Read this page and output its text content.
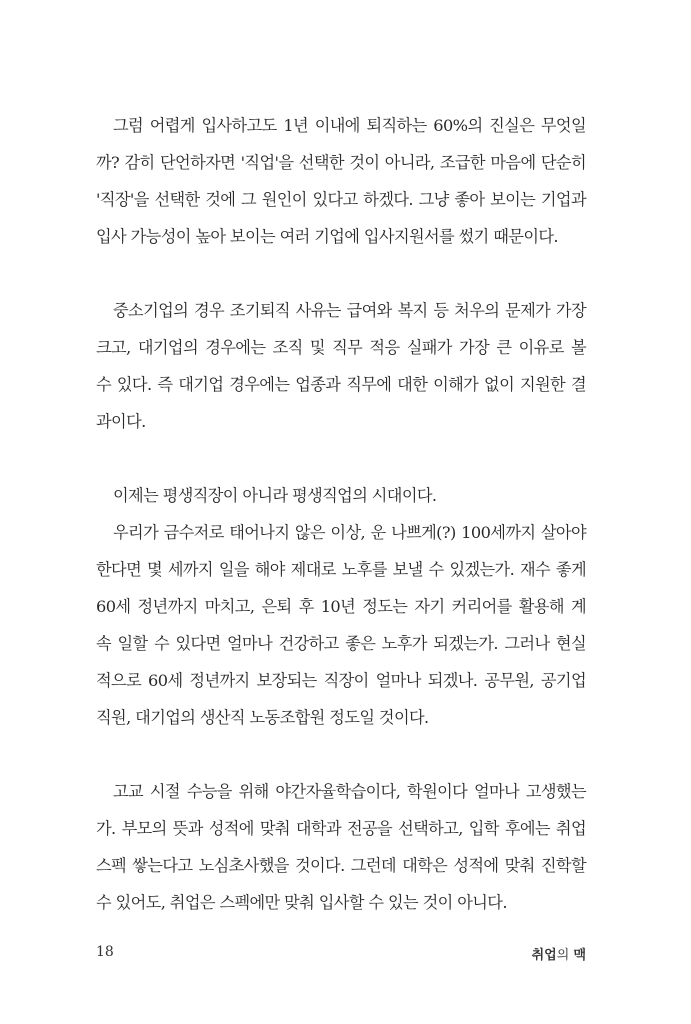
그럼 어렵게 입사하고도 1년 이내에 퇴직하는 60%의 진실은 무엇일
까? 감히 단언하자면 '직업'을 선택한 것이 아니라, 조급한 마음에 단순히
'직장'을 선택한 것에 그 원인이 있다고 하겠다. 그냥 좋아 보이는 기업과
입사 가능성이 높아 보이는 여러 기업에 입사지원서를 썼기 때문이다.
중소기업의 경우 조기퇴직 사유는 급여와 복지 등 처우의 문제가 가장
크고, 대기업의 경우에는 조직 및 직무 적응 실패가 가장 큰 이유로 볼
수 있다. 즉 대기업 경우에는 업종과 직무에 대한 이해가 없이 지원한 결
과이다.
이제는 평생직장이 아니라 평생직업의 시대이다.
우리가 금수저로 태어나지 않은 이상, 운 나쁘게(?) 100세까지 살아야
한다면 몇 세까지 일을 해야 제대로 노후를 보낼 수 있겠는가. 재수 좋게
60세 정년까지 마치고, 은퇴 후 10년 정도는 자기 커리어를 활용해 계
속 일할 수 있다면 얼마나 건강하고 좋은 노후가 되겠는가. 그러나 현실
적으로 60세 정년까지 보장되는 직장이 얼마나 되겠나. 공무원, 공기업
직원, 대기업의 생산직 노동조합원 정도일 것이다.
고교 시절 수능을 위해 야간자율학습이다, 학원이다 얼마나 고생했는
가. 부모의 뜻과 성적에 맞춰 대학과 전공을 선택하고, 입학 후에는 취업
스펙 쌓는다고 노심초사했을 것이다. 그런데 대학은 성적에 맞춰 진학할
수 있어도, 취업은 스펙에만 맞춰 입사할 수 있는 것이 아니다.
18	취업의 맥
